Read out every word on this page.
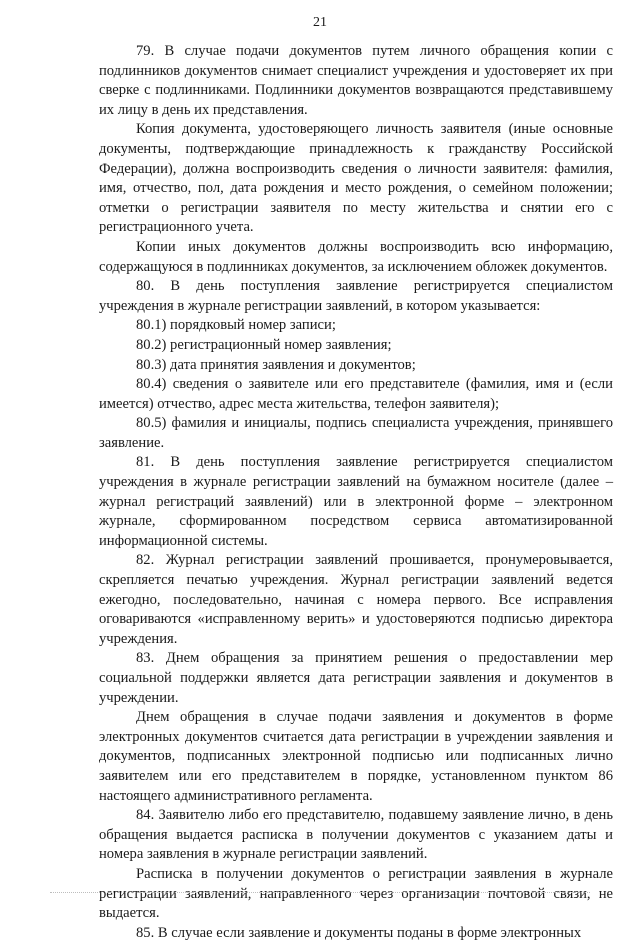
21

79. В случае подачи документов путем личного обращения копии с подлинников документов снимает специалист учреждения и удостоверяет их при сверке с подлинниками. Подлинники документов возвращаются представившему их лицу в день их представления.

Копия документа, удостоверяющего личность заявителя (иные основные документы, подтверждающие принадлежность к гражданству Российской Федерации), должна воспроизводить сведения о личности заявителя: фамилия, имя, отчество, пол, дата рождения и место рождения, о семейном положении; отметки о регистрации заявителя по месту жительства и снятии его с регистрационного учета.

Копии иных документов должны воспроизводить всю информацию, содержащуюся в подлинниках документов, за исключением обложек документов.

80. В день поступления заявление регистрируется специалистом учреждения в журнале регистрации заявлений, в котором указывается:

80.1) порядковый номер записи;

80.2) регистрационный номер заявления;

80.3) дата принятия заявления и документов;

80.4) сведения о заявителе или его представителе (фамилия, имя и (если имеется) отчество, адрес места жительства, телефон заявителя);

80.5) фамилия и инициалы, подпись специалиста учреждения, принявшего заявление.

81. В день поступления заявление регистрируется специалистом учреждения в журнале регистрации заявлений на бумажном носителе (далее – журнал регистраций заявлений) или в электронной форме – электронном журнале, сформированном посредством сервиса автоматизированной информационной системы.

82. Журнал регистрации заявлений прошивается, пронумеровывается, скрепляется печатью учреждения. Журнал регистрации заявлений ведется ежегодно, последовательно, начиная с номера первого. Все исправления оговариваются «исправленному верить» и удостоверяются подписью директора учреждения.

83. Днем обращения за принятием решения о предоставлении мер социальной поддержки является дата регистрации заявления и документов в учреждении.

Днем обращения в случае подачи заявления и документов в форме электронных документов считается дата регистрации в учреждении заявления и документов, подписанных электронной подписью или подписанных лично заявителем или его представителем в порядке, установленном пунктом 86 настоящего административного регламента.

84. Заявителю либо его представителю, подавшему заявление лично, в день обращения выдается расписка в получении документов с указанием даты и номера заявления в журнале регистрации заявлений.

Расписка в получении документов о регистрации заявления в журнале регистрации заявлений, направленного через организации почтовой связи, не выдается.

85. В случае если заявление и документы поданы в форме электронных
